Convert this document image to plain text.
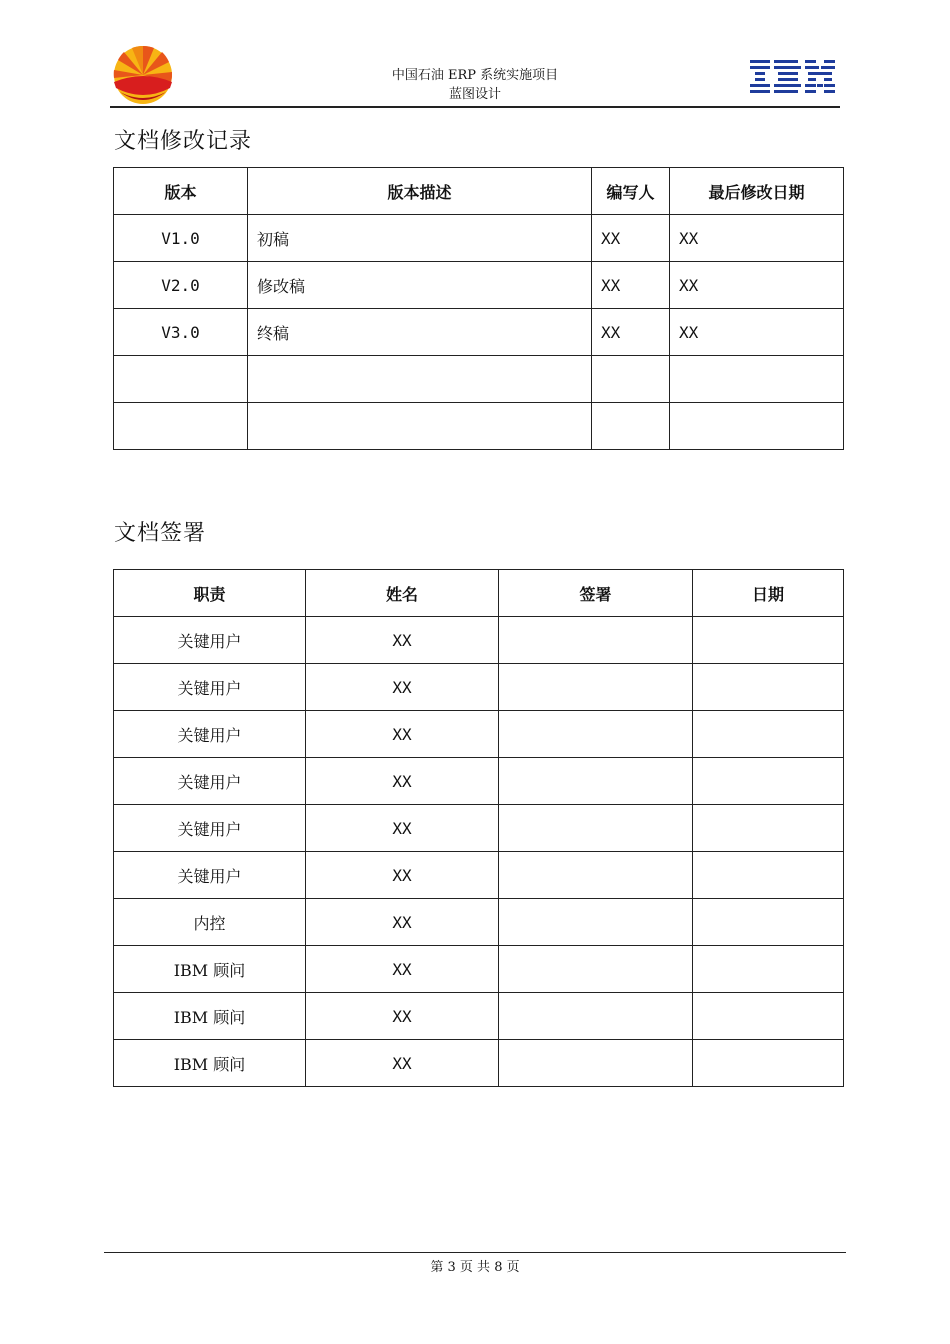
中国石油 ERP 系统实施项目
蓝图设计
文档修改记录
版本	版本描述	编写人	最后修改日期
V1.0	初稿	XX	XX
V2.0	修改稿	XX	XX
V3.0	终稿	XX	XX

文档签署
职责	姓名	签署	日期
关键用户	XX		
关键用户	XX		
关键用户	XX		
关键用户	XX		
关键用户	XX		
关键用户	XX		
内控	XX		
IBM 顾问	XX		
IBM 顾问	XX		
IBM 顾问	XX		
第 3 页 共 8 页
